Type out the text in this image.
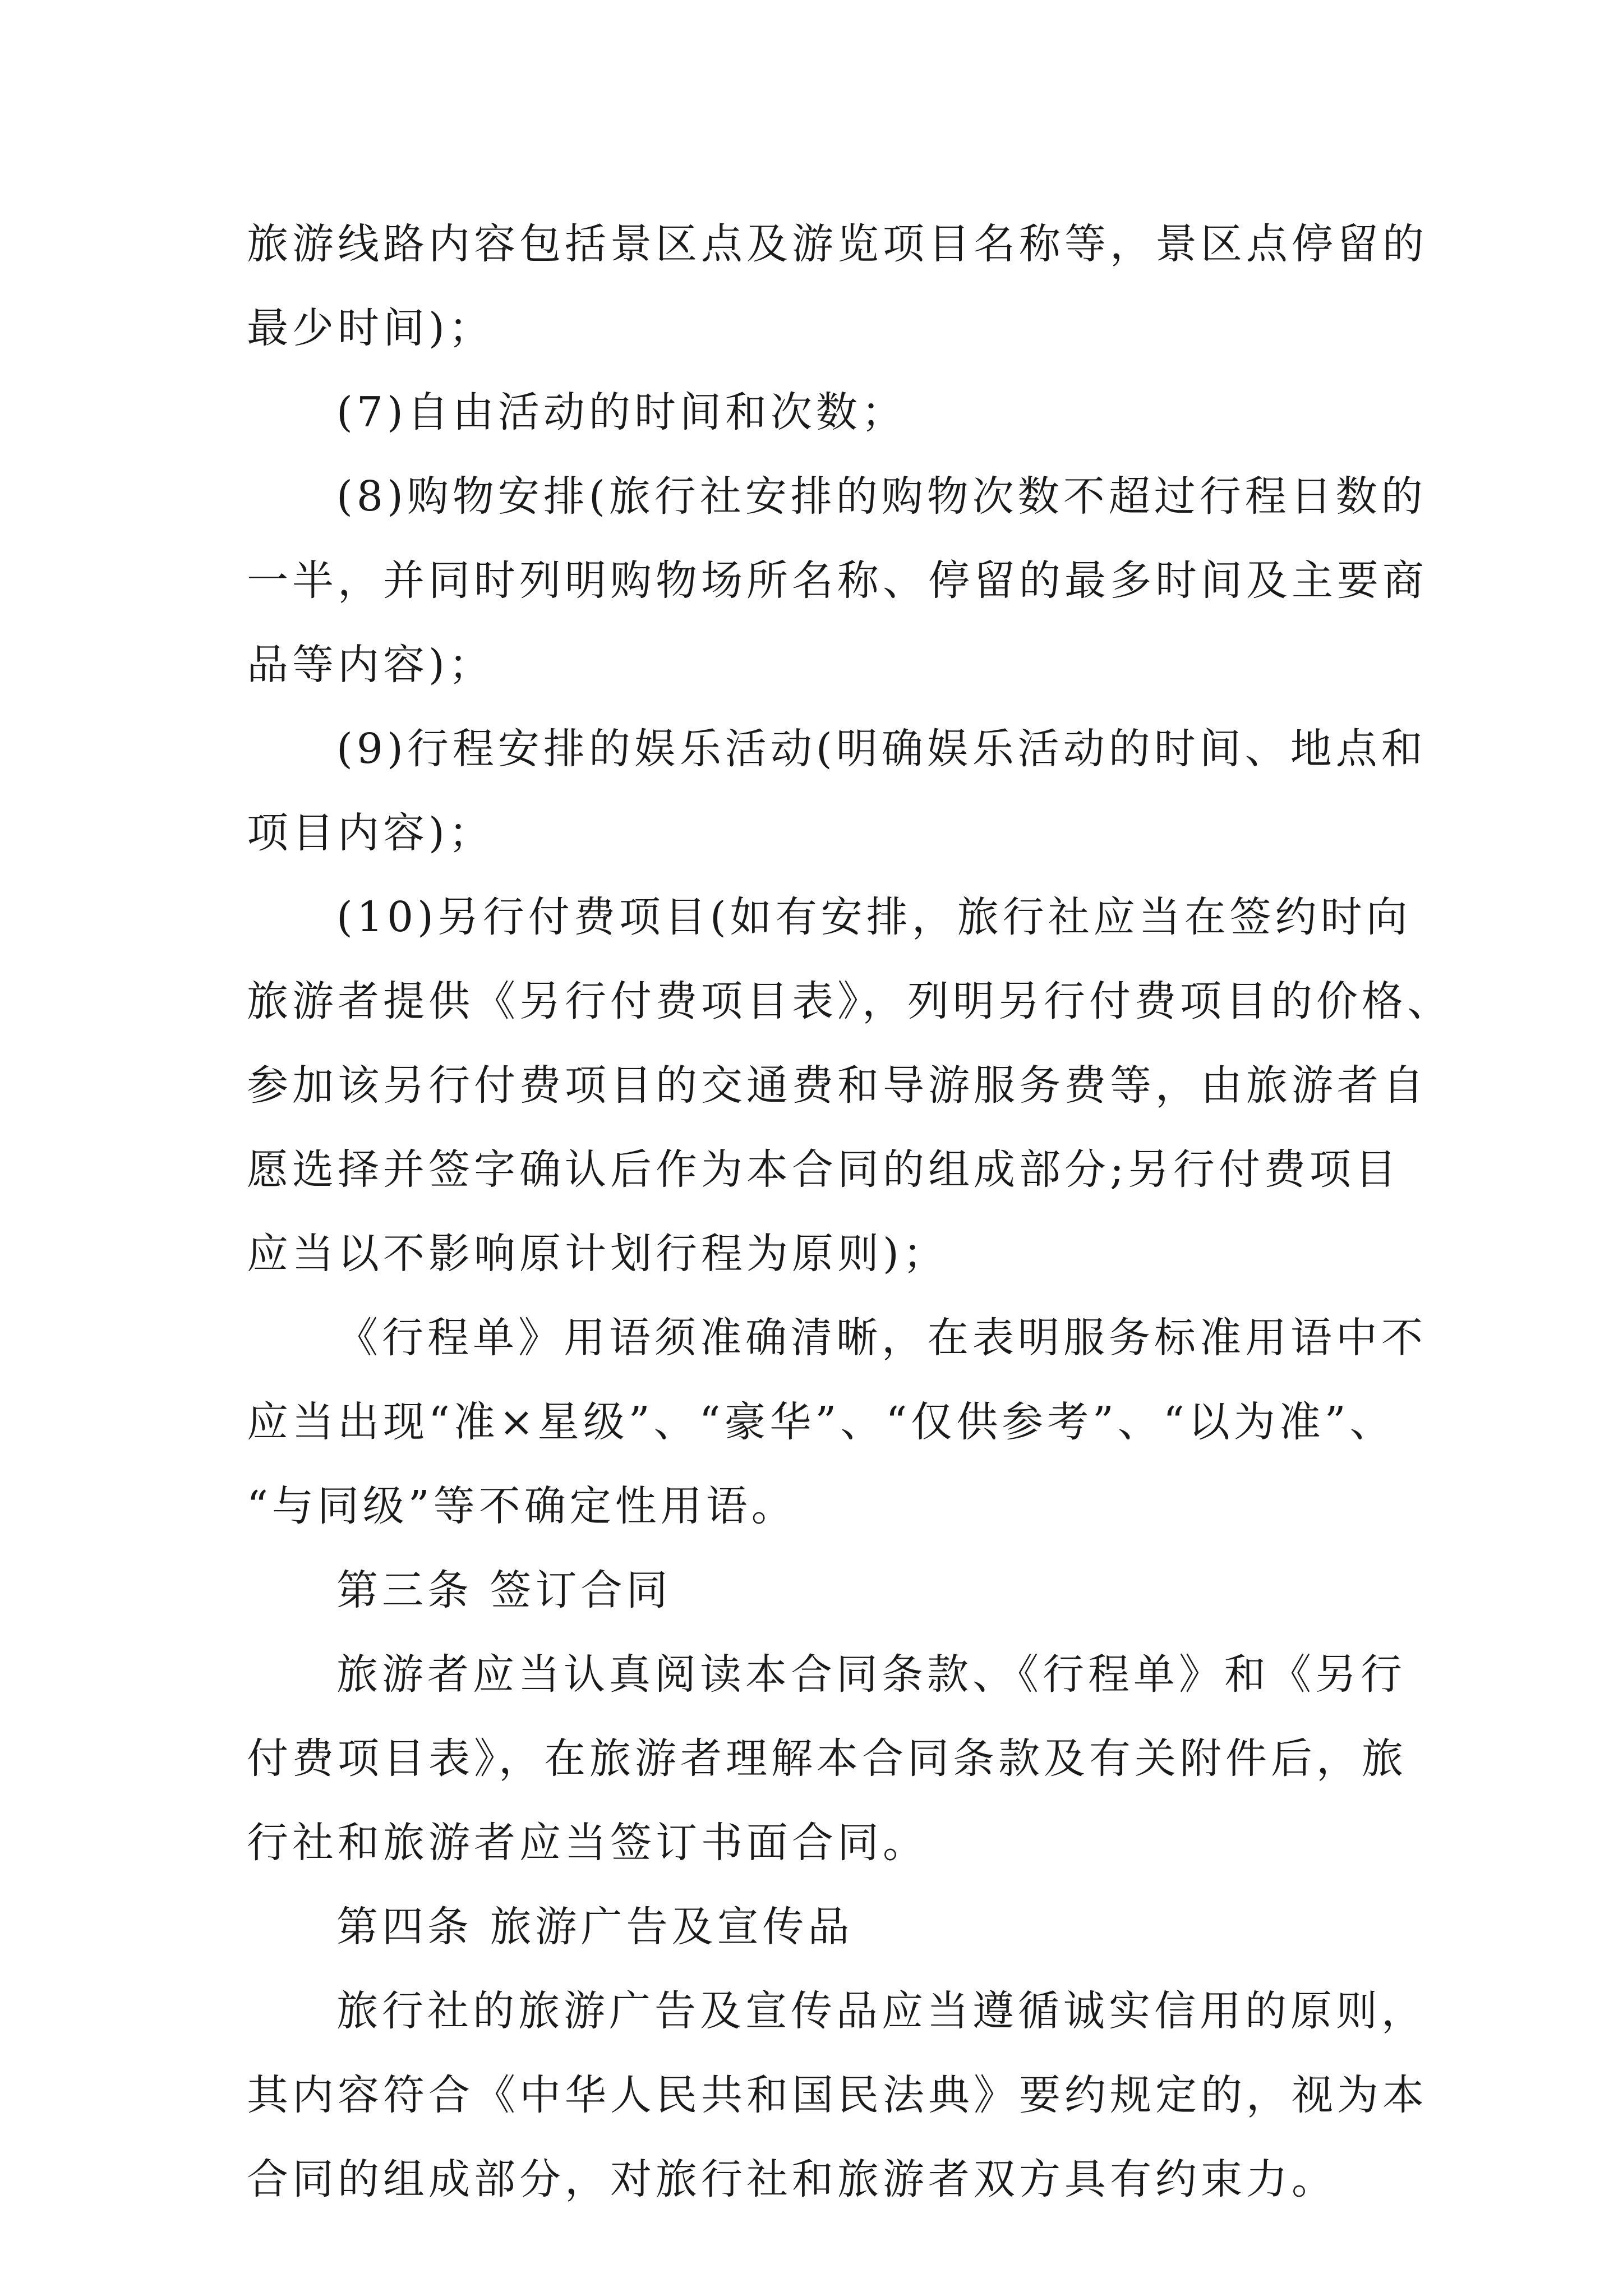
旅游线路内容包括景区点及游览项目名称等，景区点停留的
最少时间)；
(7)自由活动的时间和次数；
(8)购物安排(旅行社安排的购物次数不超过行程日数的
一半，并同时列明购物场所名称、停留的最多时间及主要商
品等内容)；
(9)行程安排的娱乐活动(明确娱乐活动的时间、地点和
项目内容)；
(10)另行付费项目(如有安排，旅行社应当在签约时向
旅游者提供《另行付费项目表》，列明另行付费项目的价格、
参加该另行付费项目的交通费和导游服务费等，由旅游者自
愿选择并签字确认后作为本合同的组成部分;另行付费项目
应当以不影响原计划行程为原则)；
《行程单》用语须准确清晰，在表明服务标准用语中不
应当出现“准×星级”、“豪华”、“仅供参考”、“以为准”、
“与同级”等不确定性用语。
第三条 签订合同
旅游者应当认真阅读本合同条款、《行程单》和《另行
付费项目表》，在旅游者理解本合同条款及有关附件后，旅
行社和旅游者应当签订书面合同。
第四条 旅游广告及宣传品
旅行社的旅游广告及宣传品应当遵循诚实信用的原则，
其内容符合《中华人民共和国民法典》要约规定的，视为本
合同的组成部分，对旅行社和旅游者双方具有约束力。
